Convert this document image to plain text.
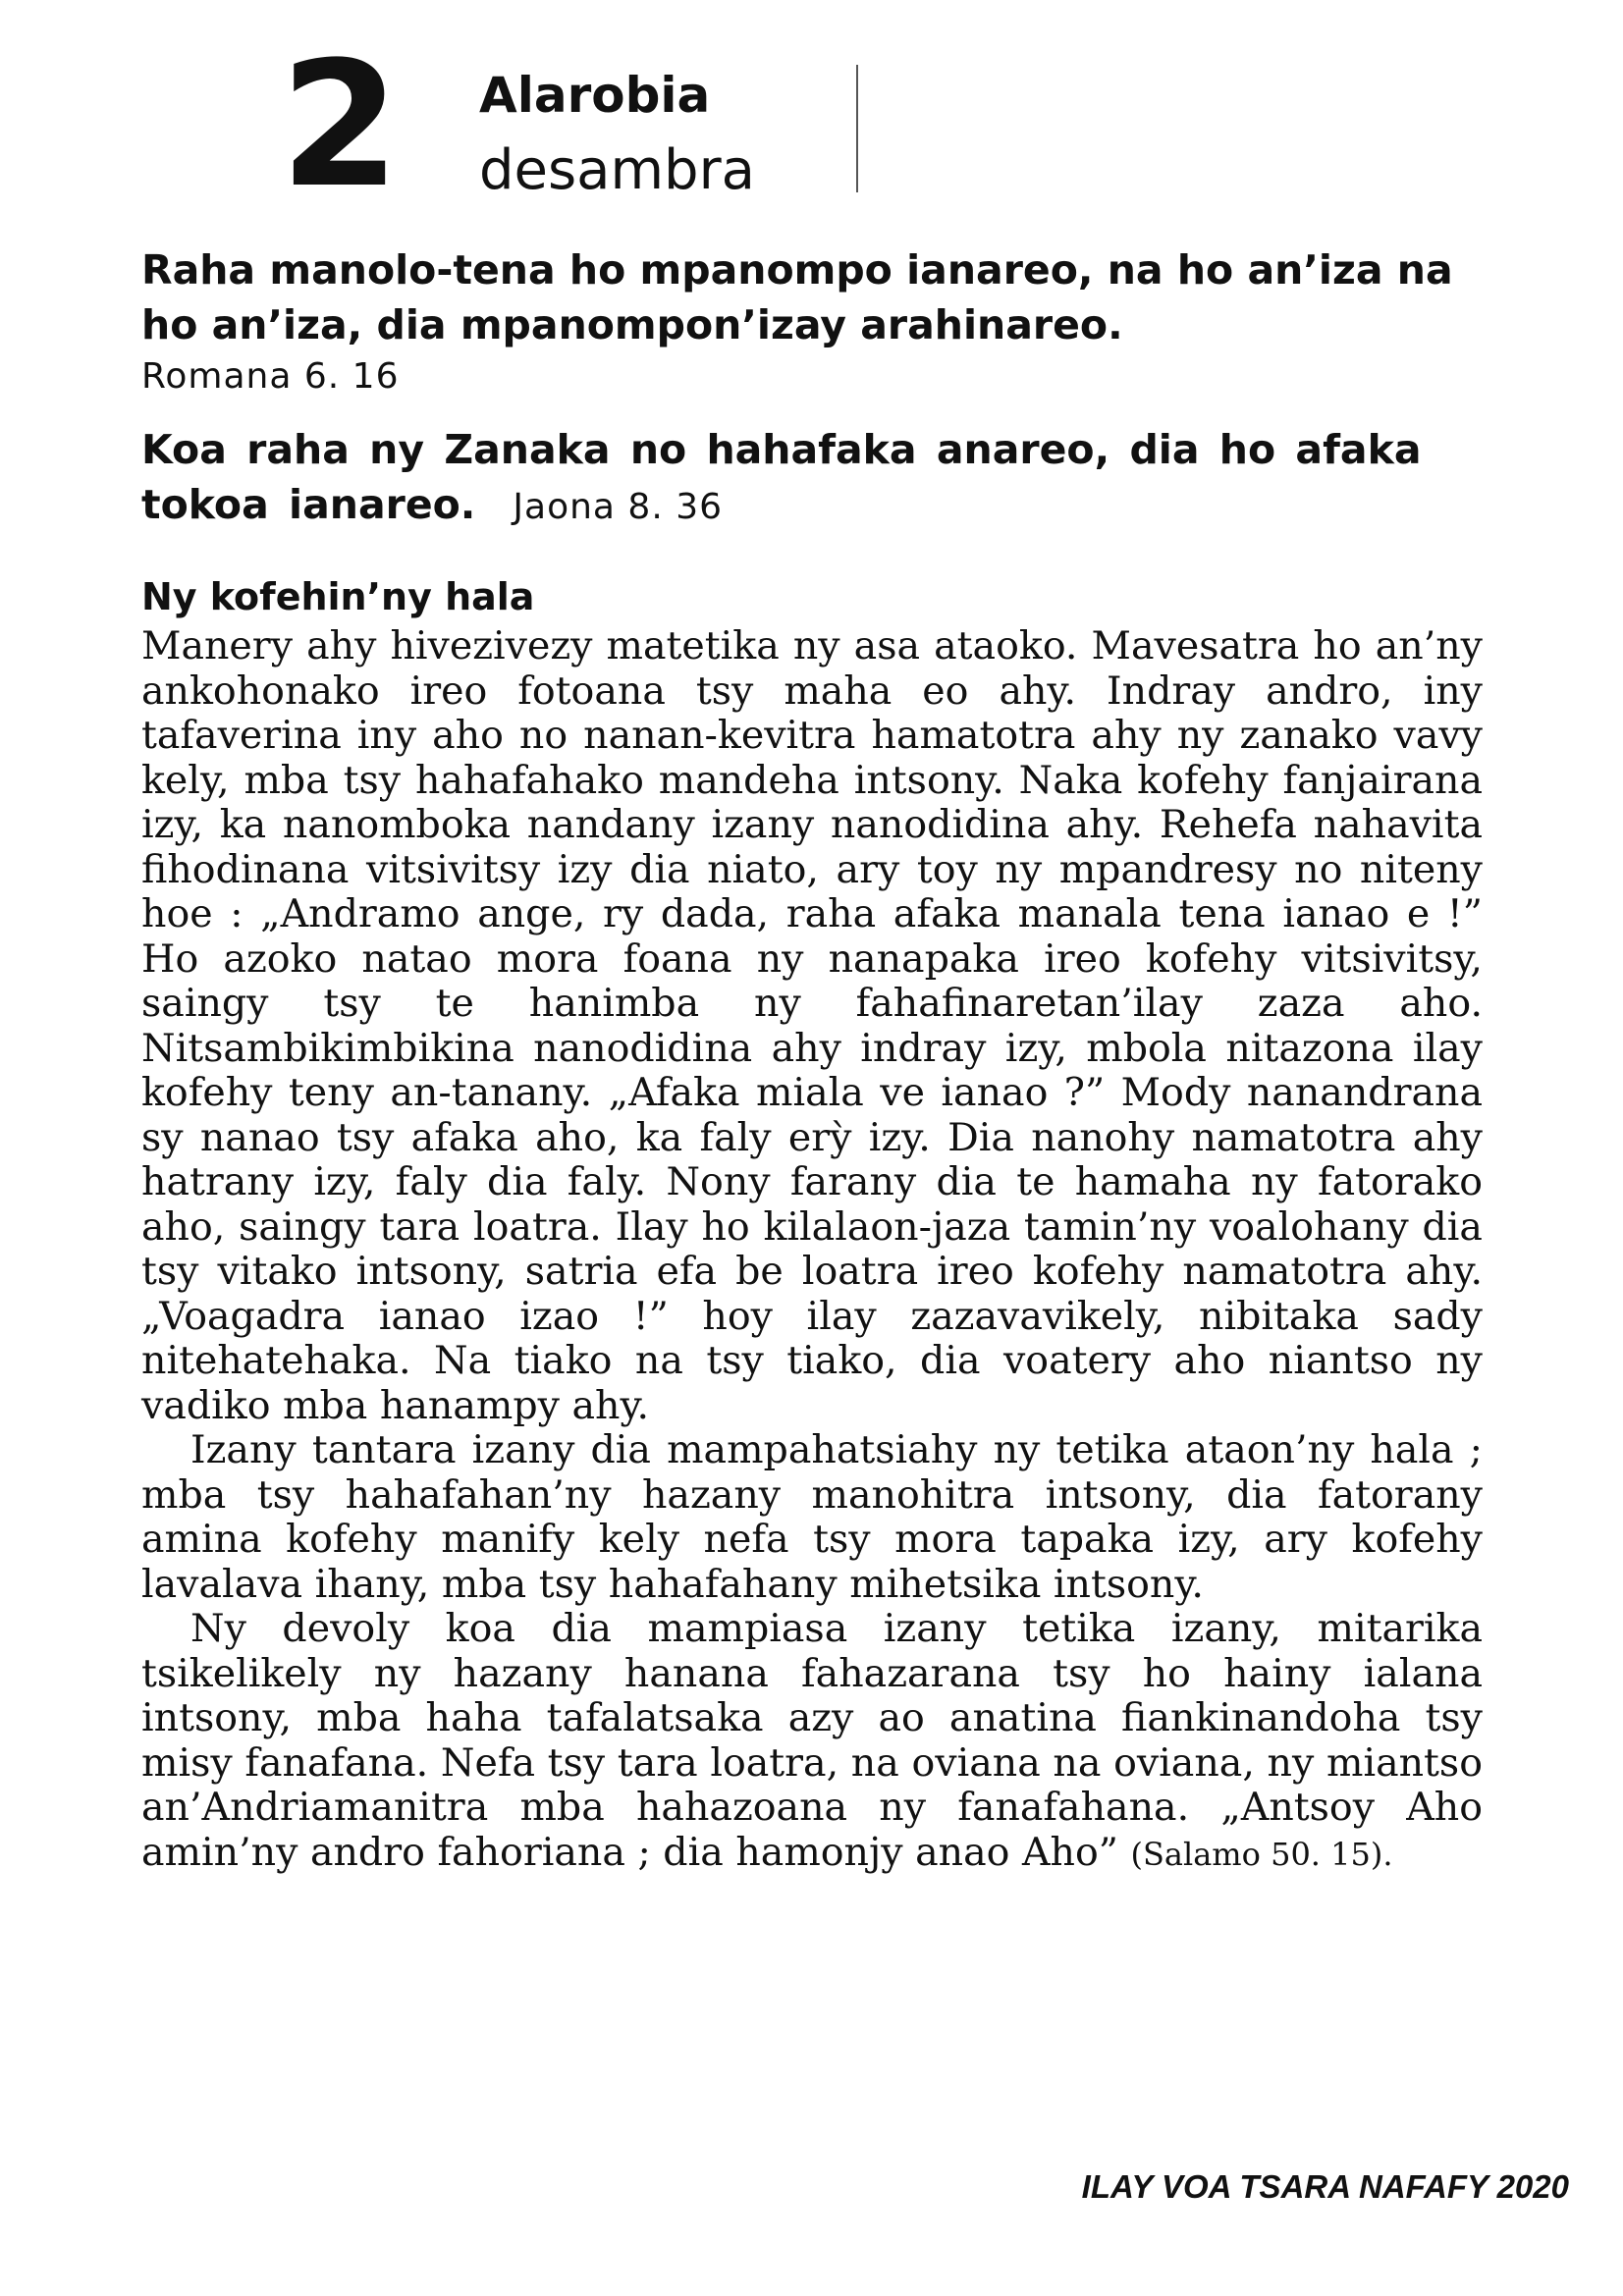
2 Alarobia
desambra
Raha manolo-tena ho mpanompo ianareo, na ho an’iza na ho an’iza, dia mpanompon’izay arahinareo.
Romana 6. 16
Koa raha ny Zanaka no hahafaka anareo, dia ho afaka tokoa ianareo. Jaona 8. 36
Ny kofehin’ny hala

Manery ahy hivezivezy matetika ny asa ataoko. Mavesatra ho an’ny ankohonako ireo fotoana tsy maha eo ahy. Indray andro, iny tafaverina iny aho no nanan-kevitra hamatotra ahy ny zanako vavy kely, mba tsy hahafahako mandeha intsony. Naka kofehy fanjairana izy, ka nanomboka nandany izany nanodidina ahy. Rehefa nahavita fihodinana vitsivitsy izy dia niato, ary toy ny mpandresy no niteny hoe : „Andramo ange, ry dada, raha afaka manala tena ianao e !” Ho azoko natao mora foana ny nanapaka ireo kofehy vitsivitsy, saingy tsy te hanimba ny fahafinaretan’ilay zaza aho. Nitsambikimbikina nanodidina ahy indray izy, mbola nitazona ilay kofehy teny an-tanany. „Afaka miala ve ianao ?” Mody nanandrana sy nanao tsy afaka aho, ka faly erỳ izy. Dia nanohy namatotra ahy hatrany izy, faly dia faly. Nony farany dia te hamaha ny fatorako aho, saingy tara loatra. Ilay ho kilalaon-jaza tamin’ny voalohany dia tsy vitako intsony, satria efa be loatra ireo kofehy namatotra ahy. „Voagadra ianao izao !” hoy ilay zazavavikely, nibitaka sady nitehatehaka. Na tiako na tsy tiako, dia voatery aho niantso ny vadiko mba hanampy ahy.

Izany tantara izany dia mampahatsiahy ny tetika ataon’ny hala ; mba tsy hahafahan’ny hazany manohitra intsony, dia fatorany amina kofehy manify kely nefa tsy mora tapaka izy, ary kofehy lavalava ihany, mba tsy hahafahany mihetsika intsony.

Ny devoly koa dia mampiasa izany tetika izany, mitarika tsikelikely ny hazany hanana fahazarana tsy ho hainy ialana intsony, mba haha tafalatsaka azy ao anatina fiankinandoha tsy misy fanafana. Nefa tsy tara loatra, na oviana na oviana, ny miantso an’Andriamanitra mba hahazoana ny fanafahana. „Antsoy Aho amin’ny andro fahoriana ; dia hamonjy anao Aho” (Salamo 50. 15).

ILAY VOA TSARA NAFAFY 2020
